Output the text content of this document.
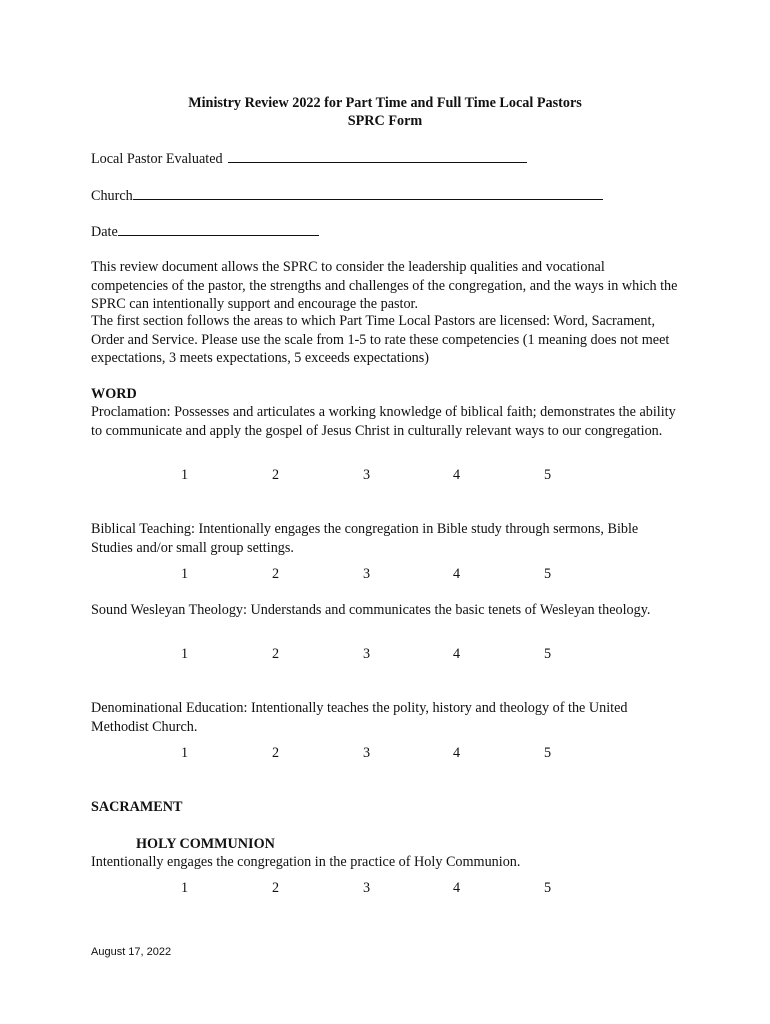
Ministry Review 2022 for Part Time and Full Time Local Pastors
SPRC Form
Local Pastor Evaluated
Church
Date
This review document allows the SPRC to consider the leadership qualities and vocational competencies of the pastor, the strengths and challenges of the congregation, and the ways in which the SPRC can intentionally support and encourage the pastor.
The first section follows the areas to which Part Time Local Pastors are licensed: Word, Sacrament, Order and Service. Please use the scale from 1-5 to rate these competencies (1 meaning does not meet expectations, 3 meets expectations, 5 exceeds expectations)
WORD
Proclamation: Possesses and articulates a working knowledge of biblical faith; demonstrates the ability to communicate and apply the gospel of Jesus Christ in culturally relevant ways to our congregation.
1	2	3	4	5
Biblical Teaching: Intentionally engages the congregation in Bible study through sermons, Bible Studies and/or small group settings.
1	2	3	4	5
Sound Wesleyan Theology: Understands and communicates the basic tenets of Wesleyan theology.
1	2	3	4	5
Denominational Education: Intentionally teaches the polity, history and theology of the United Methodist Church.
1	2	3	4	5
SACRAMENT
HOLY COMMUNION
Intentionally engages the congregation in the practice of Holy Communion.
1	2	3	4	5
August 17, 2022
